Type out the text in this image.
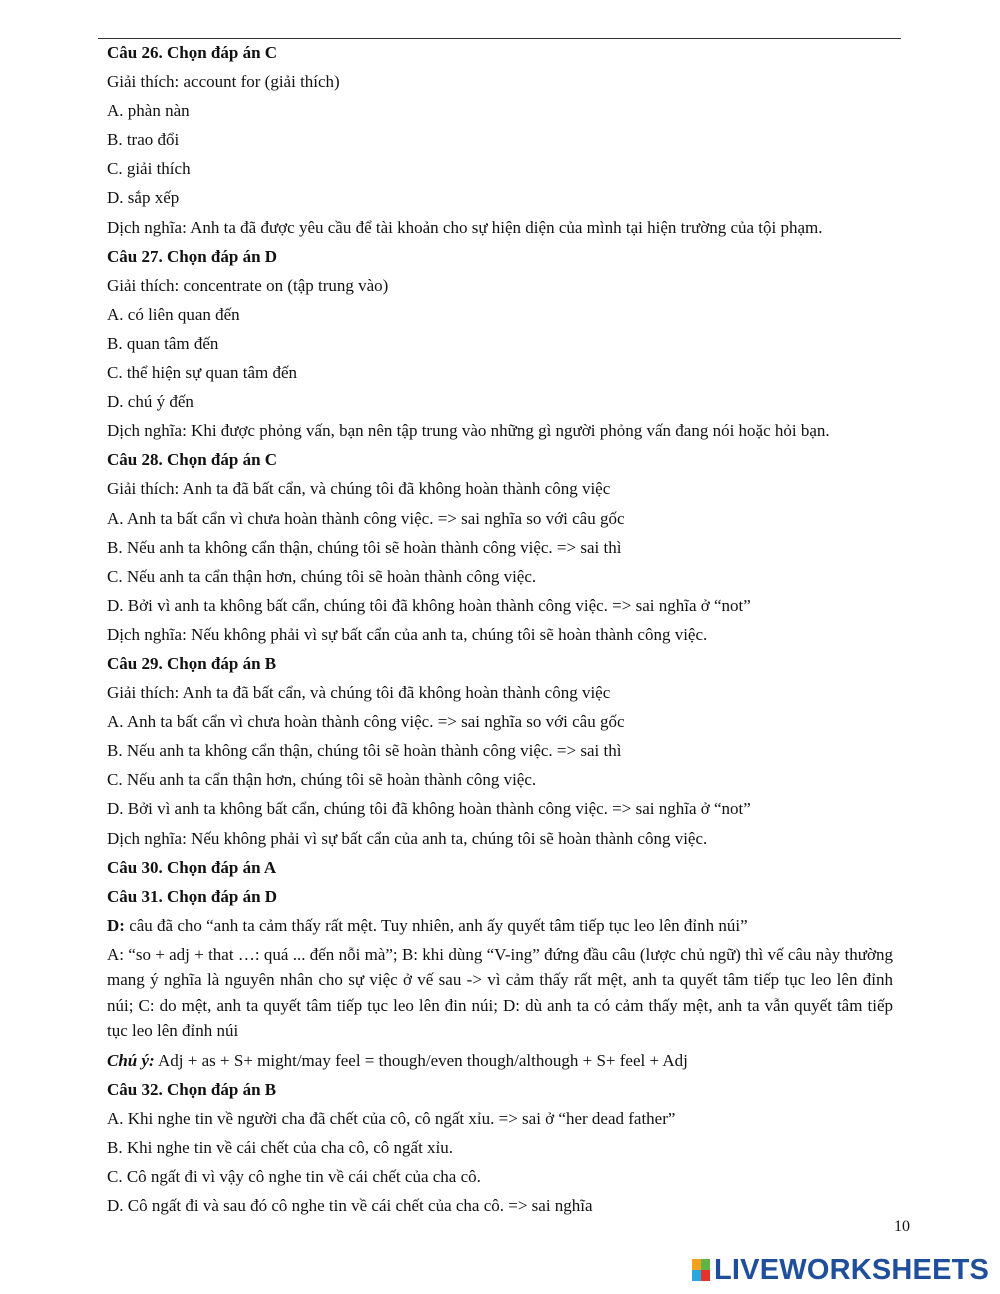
Câu 26. Chọn đáp án C
Giải thích: account for (giải thích)
A. phàn nàn
B. trao đổi
C. giải thích
D. sắp xếp
Dịch nghĩa: Anh ta đã được yêu cầu để tài khoản cho sự hiện diện của mình tại hiện trường của tội phạm.
Câu 27. Chọn đáp án D
Giải thích: concentrate on (tập trung vào)
A. có liên quan đến
B. quan tâm đến
C. thể hiện sự quan tâm đến
D. chú ý đến
Dịch nghĩa: Khi được phỏng vấn, bạn nên tập trung vào những gì người phỏng vấn đang nói hoặc hỏi bạn.
Câu 28. Chọn đáp án C
Giải thích: Anh ta đã bất cẩn, và chúng tôi đã không hoàn thành công việc
A. Anh ta bất cẩn vì chưa hoàn thành công việc. => sai nghĩa so với câu gốc
B. Nếu anh ta không cẩn thận, chúng tôi sẽ hoàn thành công việc. => sai thì
C. Nếu anh ta cẩn thận hơn, chúng tôi sẽ hoàn thành công việc.
D. Bởi vì anh ta không bất cẩn, chúng tôi đã không hoàn thành công việc. => sai nghĩa ở “not”
Dịch nghĩa: Nếu không phải vì sự bất cẩn của anh ta, chúng tôi sẽ hoàn thành công việc.
Câu 29. Chọn đáp án B
Giải thích: Anh ta đã bất cẩn, và chúng tôi đã không hoàn thành công việc
A. Anh ta bất cẩn vì chưa hoàn thành công việc. => sai nghĩa so với câu gốc
B. Nếu anh ta không cẩn thận, chúng tôi sẽ hoàn thành công việc. => sai thì
C. Nếu anh ta cẩn thận hơn, chúng tôi sẽ hoàn thành công việc.
D. Bởi vì anh ta không bất cẩn, chúng tôi đã không hoàn thành công việc. => sai nghĩa ở “not”
Dịch nghĩa: Nếu không phải vì sự bất cẩn của anh ta, chúng tôi sẽ hoàn thành công việc.
Câu 30. Chọn đáp án A
Câu 31. Chọn đáp án D
D: câu đã cho “anh ta cảm thấy rất mệt. Tuy nhiên, anh ấy quyết tâm tiếp tục leo lên đỉnh núi”
A: “so + adj + that …: quá ... đến nỗi mà”; B: khi dùng “V-ing” đứng đầu câu (lược chủ ngữ) thì vế câu này thường mang ý nghĩa là nguyên nhân cho sự việc ở vế sau -> vì cảm thấy rất mệt, anh ta quyết tâm tiếp tục leo lên đỉnh núi; C: do mệt, anh ta quyết tâm tiếp tục leo lên đin núi; D: dù anh ta có cảm thấy mệt, anh ta vẫn quyết tâm tiếp tục leo lên đỉnh núi
Chú ý: Adj + as + S+ might/may feel = though/even though/although + S+ feel + Adj
Câu 32. Chọn đáp án B
A. Khi nghe tin về người cha đã chết của cô, cô ngất xỉu. => sai ở “her dead father”
B. Khi nghe tin về cái chết của cha cô, cô ngất xỉu.
C. Cô ngất đi vì vậy cô nghe tin về cái chết của cha cô.
D. Cô ngất đi và sau đó cô nghe tin về cái chết của cha cô. => sai nghĩa
10
LIVEWORKSHEETS
